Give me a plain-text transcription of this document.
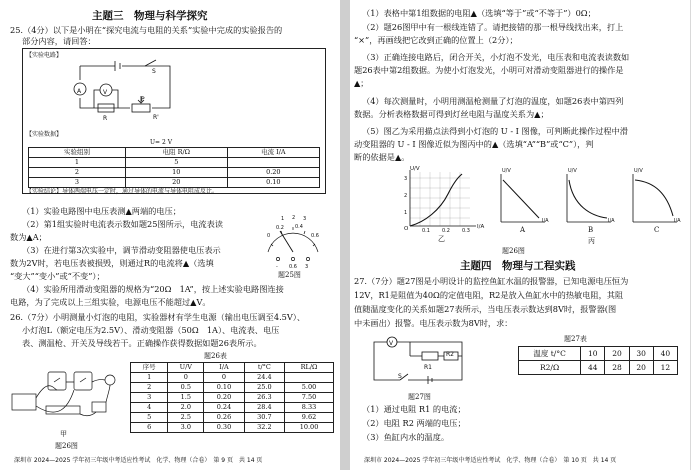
主题三　物理与科学探究
25.（4分）以下是小明在“探究电流与电阻的关系”实验中完成的实验报告的
部分内容，请回答：
【实验电路】
A	V
S
R
P
R'
【实验数据】
U= 2 V
实验组别	电阻 R/Ω	电流 I/A
1	5	
2	10	0.20
3	20	0.10
【实验结论】导体两端电压一定时，通过导体的电流与导体电阻成反比。
（1）实验电路图中电压表测▲两端的电压；
（2）第1组实验时电流表示数如题25图所示，电流表读
数为▲A；
（3）在进行第3次实验中，调节滑动变阻器使电压表示
数为2V时，若电压表被损毁，则通过R的电流将▲（选填
“变大”“变小”或“不变”）；
（4）实验所用滑动变阻器的规格为“20Ω　1A”，按上述实验电路图连接
电路，为了完成以上三组实验，电源电压不能超过▲V。
0
0.2 0.4
0.6
1 2 3
- 0.6 3
题25图
26.（7分）小明测量小灯泡的电阻，实验器材有学生电源（输出电压调至4.5V）、
小灯泡L（额定电压为2.5V）、滑动变阻器（50Ω　1A）、电流表、电压
表、测温枪、开关及导线若干。正确操作获得数据如题26表所示。
甲
题26图
题26表
序号	U/V	I/A	t/°C	RL/Ω
1	0	0	24.4	
2	0.5	0.10	25.0	5.00
3	1.5	0.20	26.3	7.50
4	2.0	0.24	28.4	8.33
5	2.5	0.26	30.7	9.62
6	3.0	0.30	32.2	10.00
深圳市 2024—2025 学年初三年级中考适应性考试　化学、物理（合卷）　第 9 页　共 14 页
（1）表格中第1组数据的电阻▲（选填“等于”或“不等于”）0Ω；
（2）题26图甲中有一根线连错了。请把接错的那一根导线找出来，打上
“×”，再画线把它改到正确的位置上（2分）；
（3）正确连接电路后，闭合开关，小灯泡不发光，电压表和电流表读数如
题26表中第2组数据。为使小灯泡发光，小明可对滑动变阻器进行的操作是
▲；
（4）每次测量时，小明用测温枪测量了灯泡的温度，如题26表中第四列
数据。分析表格数据可得到灯丝电阻与温度关系为▲；
（5）图乙为采用描点法得到小灯泡的 U - I 图像，可判断此操作过程中滑
动变阻器的 U - I 图像近似为图丙中的▲（选填“A”“B”或“C”），判
断的依据是▲。
U/V
I/A
O
3
2
1
0.1 0.2 0.3
乙
U/V	U/V	U/V
I/A	I/A	I/A
A	B
丙
C
题26图
主题四　物理与工程实践
27.（7分）题27图是小明设计的监控鱼缸水温的报警器，已知电源电压恒为
12V，R1是阻值为40Ω的定值电阻，R2是放入鱼缸水中的热敏电阻，其阻
值随温度变化的关系如题27表所示，当电压表示数达到8V时，报警器(图
中未画出）报警。电压表示数为8V时，求：
V
R1
R2
S
题27图
题27表
温度 t/°C	10	20	30	40
R2/Ω	44	28	20	12
（1）通过电阻 R1 的电流；
（2）电阻 R2 两端的电压；
（3）鱼缸内水的温度。
深圳市 2024—2025 学年初三年级中考适应性考试　化学、物理（合卷）　第 10 页　共 14 页
